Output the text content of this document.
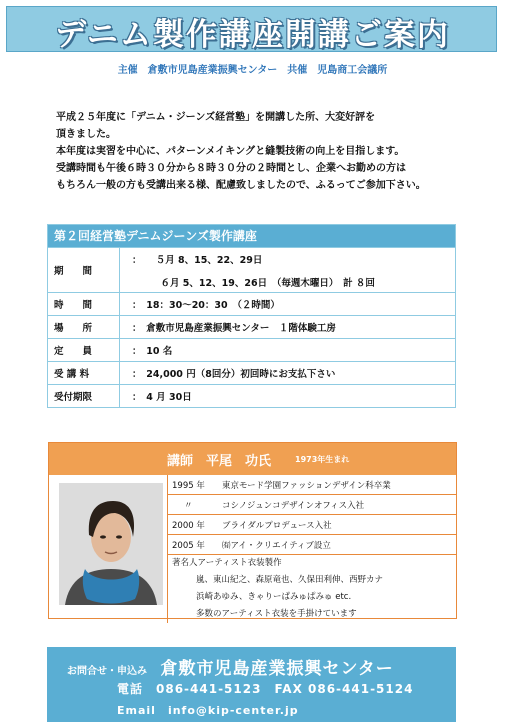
デニム製作講座開講ご案内
主催　倉敷市児島産業振興センター　共催　児島商工会議所
平成２５年度に「デニム・ジーンズ経営塾」を開講した所、大変好評を
頂きました。
本年度は実習を中心に、パターンメイキングと縫製技術の向上を目指します。
受講時間も午後６時３０分から８時３０分の２時間とし、企業へお勤めの方は
もちろん一般の方も受講出来る様、配慮致しましたので、ふるってご参加下さい。
第２回経営塾デニムジーンズ製作講座
期　　間
：　　５月 8、15、22、29日
　　　６月 5、12、19、26日　（毎週木曜日）　計 ８回
時　　間	：　18：30〜20：30　（２時間）
場　　所	：　倉敷市児島産業振興センター　１階体験工房
定　　員	：　10 名
受 講 料	：　24,000 円（8回分）初回時にお支払下さい
受付期限	：　4 月 30日
講師　平尾　功氏	1973年生まれ
1995 年	東京モード学園ファッションデザイン科卒業
〃	コシノジュンコデザインオフィス入社
2000 年	ブライダルプロデュース入社
2005 年	㈲アイ・クリエイティブ設立
著名人アーティスト衣装製作
嵐、東山紀之、森原竜也、久保田利伸、西野カナ
浜崎あゆみ、きゃりーぱみゅぱみゅ etc.
多数のアーティスト衣装を手掛けています
お問合せ・申込み 倉敷市児島産業振興センター
電話　086-441-5123　FAX 086-441-5124
Email　info@kip-center.jp
